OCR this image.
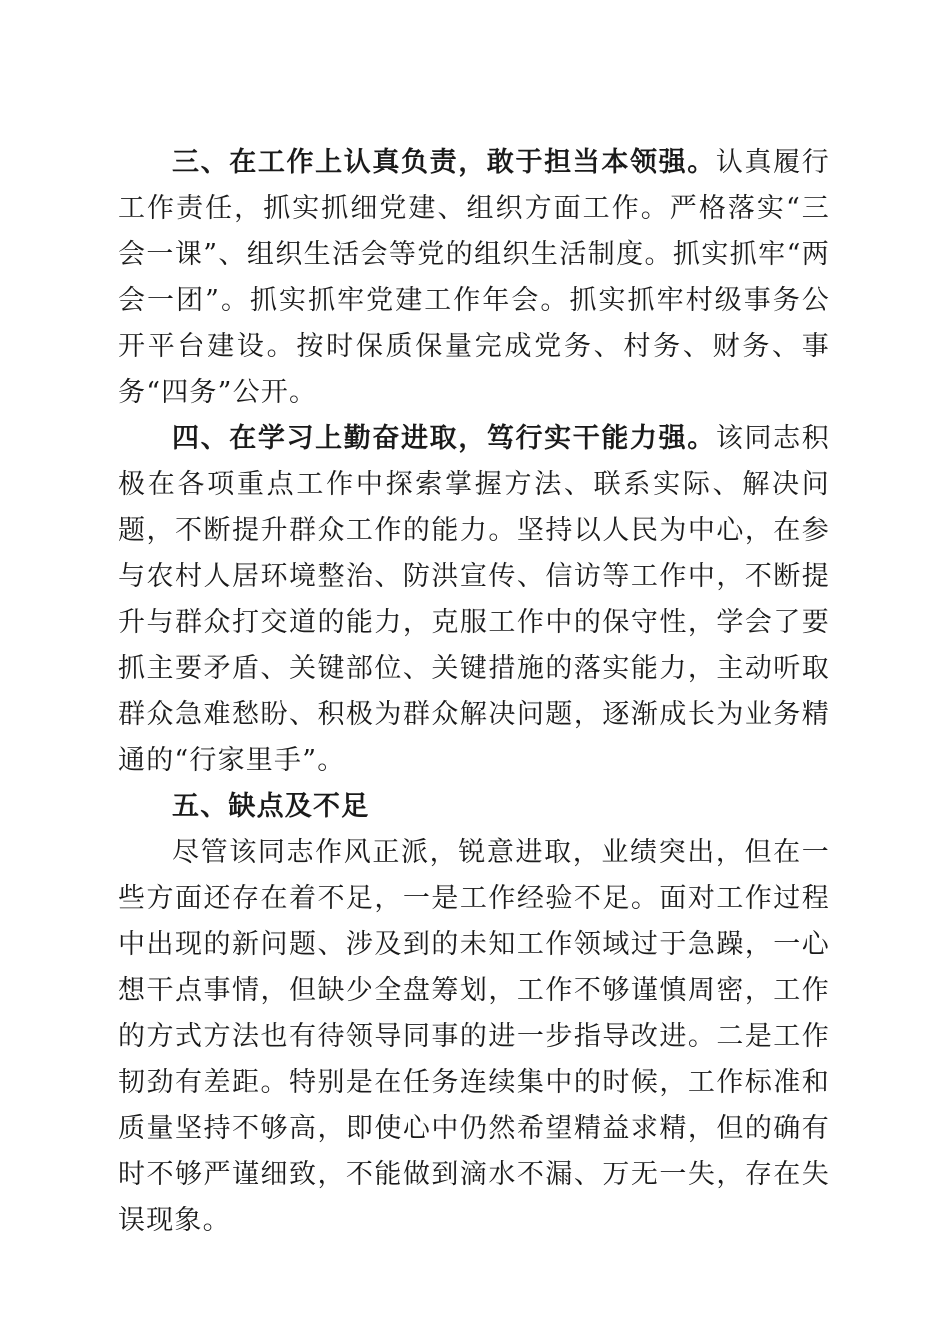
三、在工作上认真负责，敢于担当本领强。认真履行工作责任，抓实抓细党建、组织方面工作。严格落实“三会一课”、组织生活会等党的组织生活制度。抓实抓牢“两会一团”。抓实抓牢党建工作年会。抓实抓牢村级事务公开平台建设。按时保质保量完成党务、村务、财务、事务“四务”公开。

四、在学习上勤奋进取，笃行实干能力强。该同志积极在各项重点工作中探索掌握方法、联系实际、解决问题，不断提升群众工作的能力。坚持以人民为中心，在参与农村人居环境整治、防洪宣传、信访等工作中，不断提升与群众打交道的能力，克服工作中的保守性，学会了要抓主要矛盾、关键部位、关键措施的落实能力，主动听取群众急难愁盼、积极为群众解决问题，逐渐成长为业务精通的“行家里手”。

五、缺点及不足

尽管该同志作风正派，锐意进取，业绩突出，但在一些方面还存在着不足，一是工作经验不足。面对工作过程中出现的新问题、涉及到的未知工作领域过于急躁，一心想干点事情，但缺少全盘筹划，工作不够谨慎周密，工作的方式方法也有待领导同事的进一步指导改进。二是工作韧劲有差距。特别是在任务连续集中的时候，工作标准和质量坚持不够高，即使心中仍然希望精益求精，但的确有时不够严谨细致，不能做到滴水不漏、万无一失，存在失误现象。
